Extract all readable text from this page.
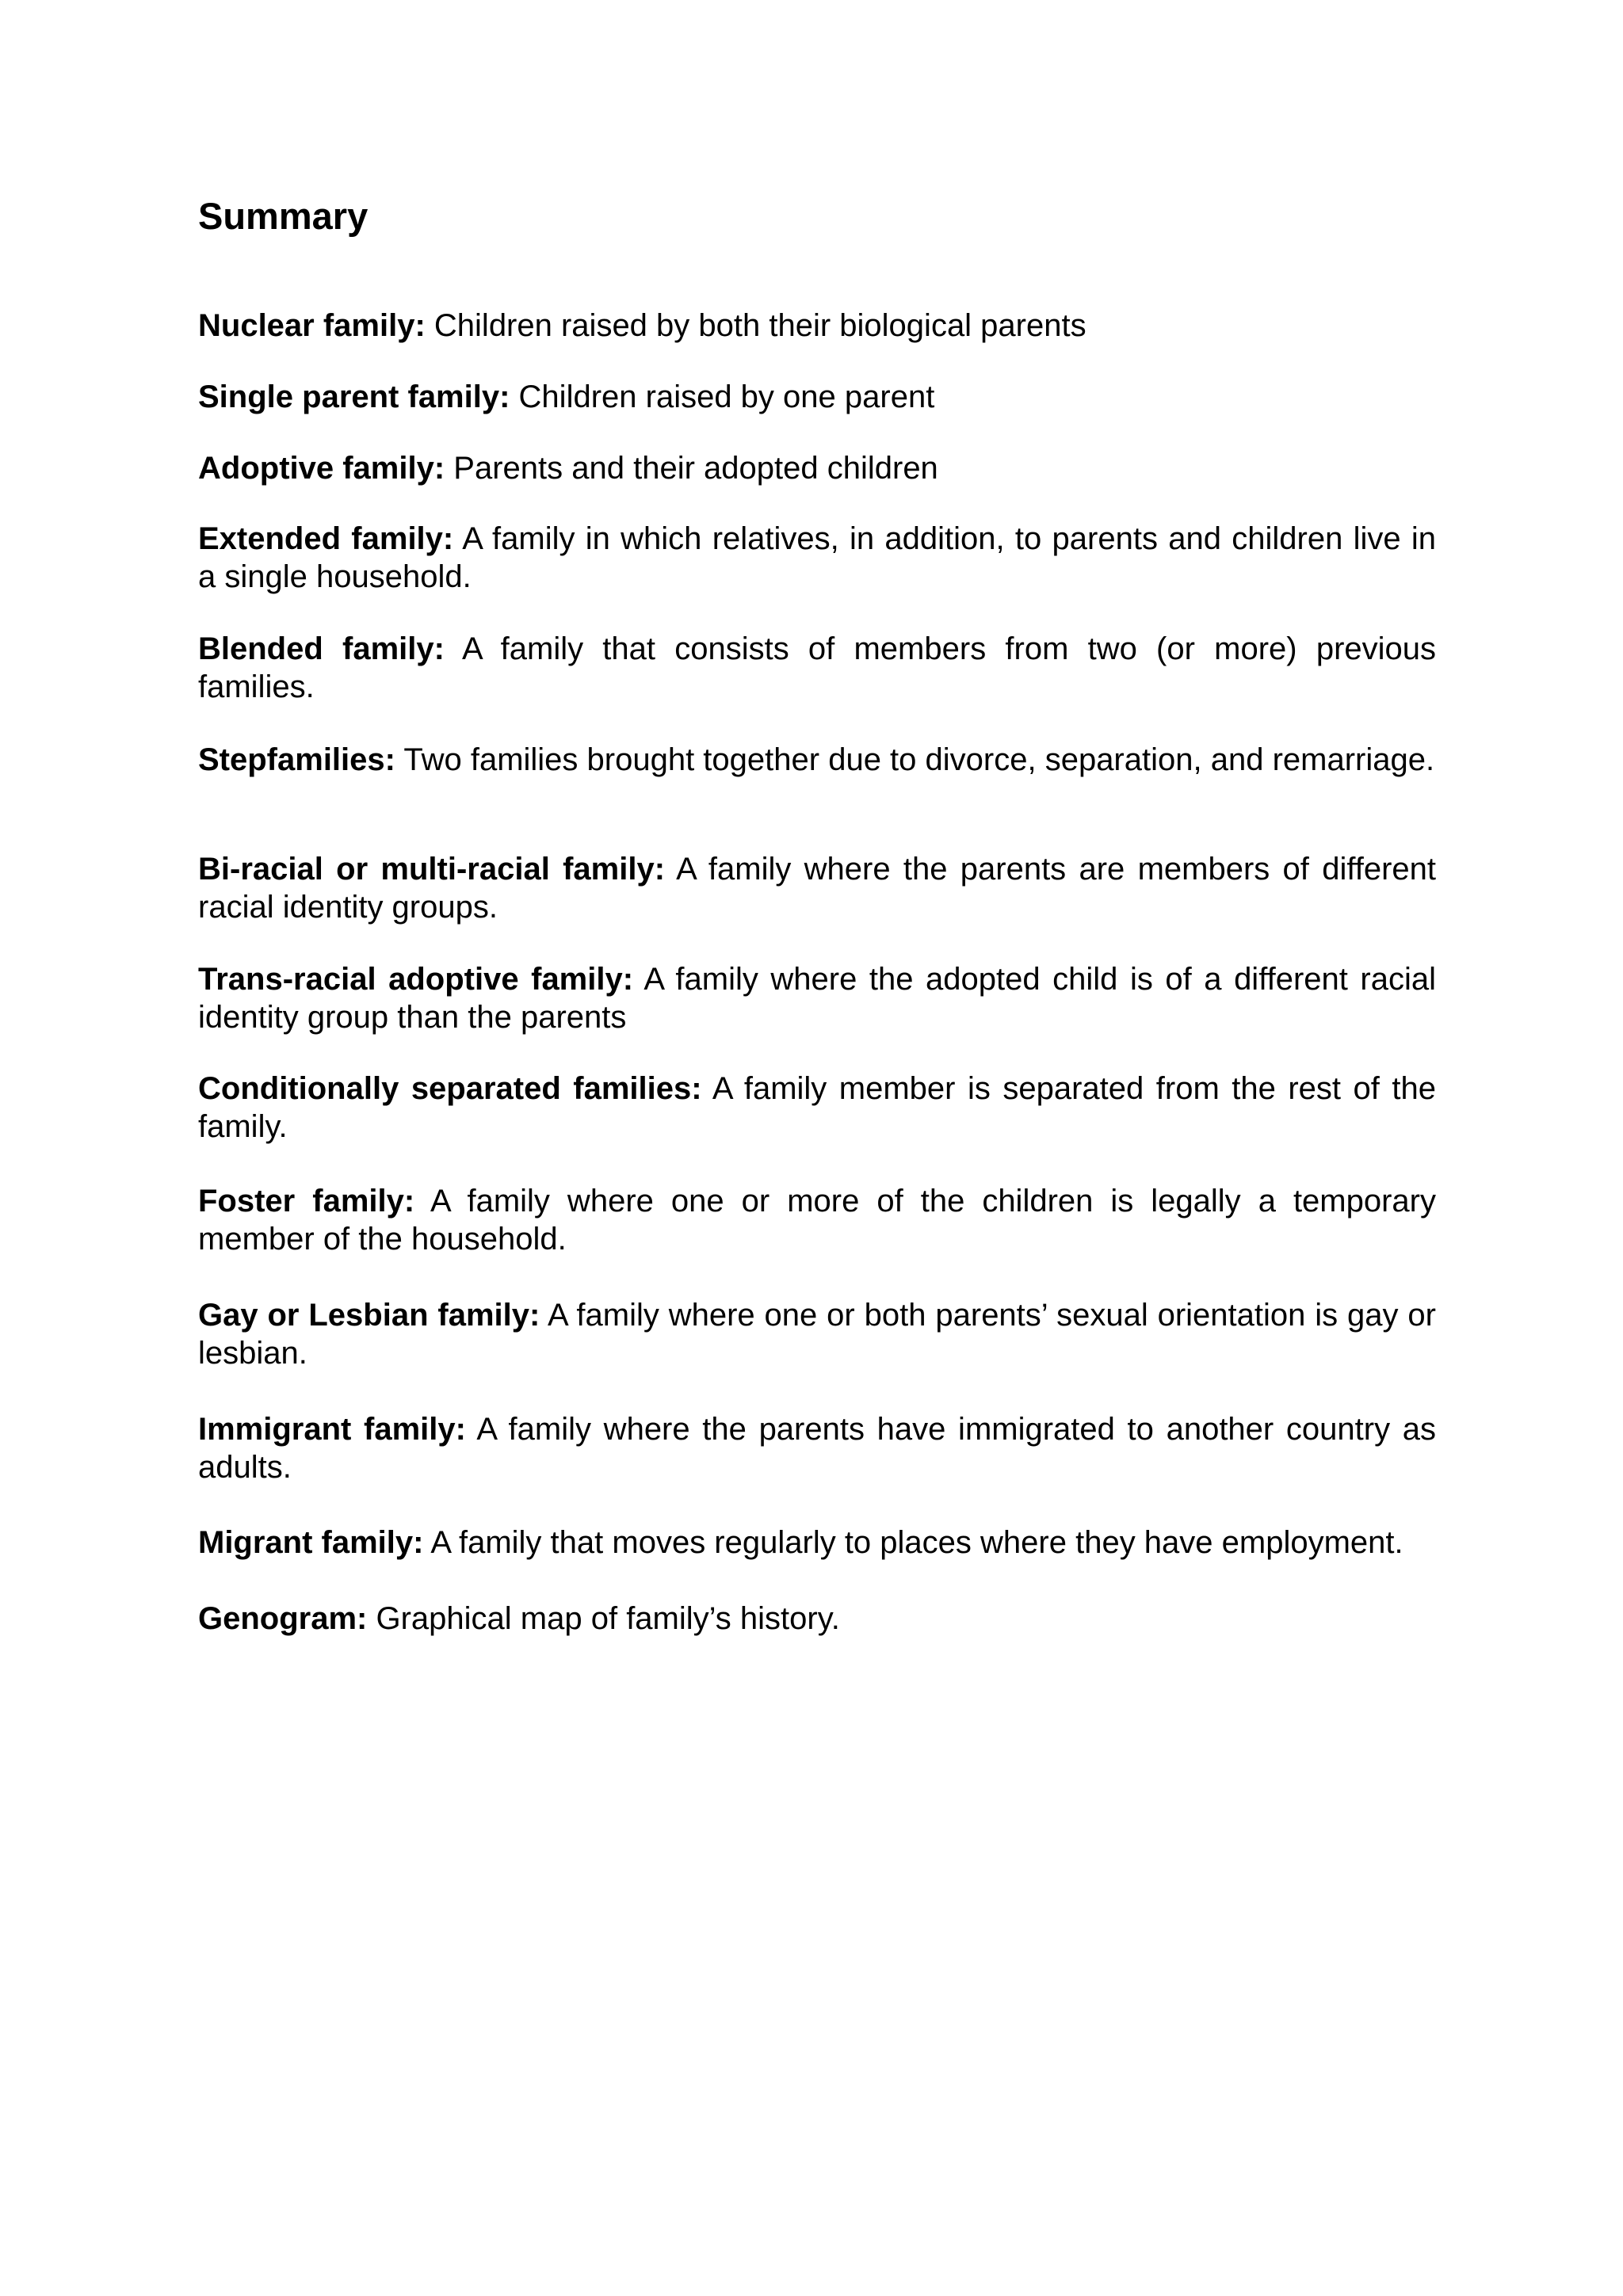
Summary

Nuclear family: Children raised by both their biological parents

Single parent family: Children raised by one parent

Adoptive family: Parents and their adopted children

Extended family: A family in which relatives, in addition, to parents and children live in a single household.

Blended family: A family that consists of members from two (or more) previous families.

Stepfamilies: Two families brought together due to divorce, separation, and remarriage.

Bi-racial or multi-racial family: A family where the parents are members of different racial identity groups.

Trans-racial adoptive family: A family where the adopted child is of a different racial identity group than the parents

Conditionally separated families: A family member is separated from the rest of the family.

Foster family: A family where one or more of the children is legally a temporary member of the household.

Gay or Lesbian family: A family where one or both parents’ sexual orientation is gay or lesbian.

Immigrant family: A family where the parents have immigrated to another country as adults.

Migrant family: A family that moves regularly to places where they have employment.

Genogram: Graphical map of family’s history.
